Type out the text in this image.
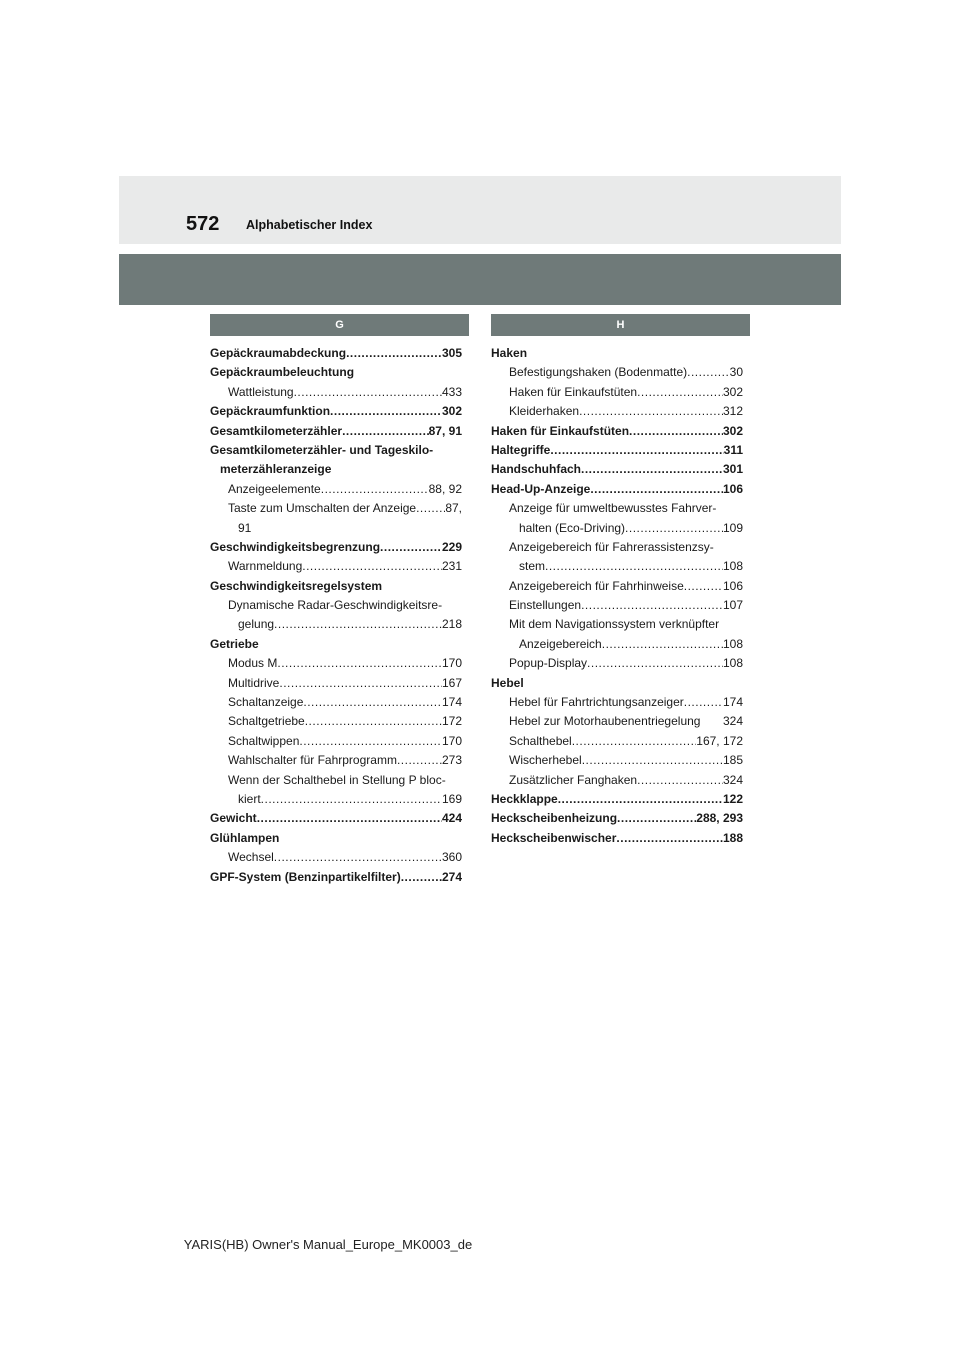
572 Alphabetischer Index
G	H
Gepäckraumabdeckung .....	305
Gepäckraumbeleuchtung
Wattleistung .....	433
Gepäckraumfunktion .....	302
Gesamtkilometerzähler .....	87, 91
Gesamtkilometerzähler- und Tageskilo-
meterzähleranzeige
Anzeigeelemente .....	88, 92
Taste zum Umschalten der Anzeige ..... 87,
91
Geschwindigkeitsbegrenzung .....	229
Warnmeldung .....	231
Geschwindigkeitsregelsystem
Dynamische Radar-Geschwindigkeitsre-
gelung .....	218
Getriebe
Modus M .....	170
Multidrive .....	167
Schaltanzeige .....	174
Schaltgetriebe .....	172
Schaltwippen .....	170
Wahlschalter für Fahrprogramm .....	273
Wenn der Schalthebel in Stellung P bloc-
kiert .....	169
Gewicht .....	424
Glühlampen
Wechsel .....	360
GPF-System (Benzinpartikelfilter) .....	274
Haken
Befestigungshaken (Bodenmatte) .....	30
Haken für Einkaufstüten .....	302
Kleiderhaken .....	312
Haken für Einkaufstüten .....	302
Haltegriffe .....	311
Handschuhfach .....	301
Head-Up-Anzeige .....	106
Anzeige für umweltbewusstes Fahrver-
halten (Eco-Driving) .....	109
Anzeigebereich für Fahrerassistenzsy-
stem .....	108
Anzeigebereich für Fahrhinweise .....	106
Einstellungen .....	107
Mit dem Navigationssystem verknüpfter
Anzeigebereich .....	108
Popup-Display .....	108
Hebel
Hebel für Fahrtrichtungsanzeiger .....	174
Hebel zur Motorhaubenentriegelung 324
Schalthebel .....	167, 172
Wischerhebel .....	185
Zusätzlicher Fanghaken .....	324
Heckklappe .....	122
Heckscheibenheizung .....	288, 293
Heckscheibenwischer .....	188
YARIS(HB) Owner's Manual_Europe_MK0003_de
